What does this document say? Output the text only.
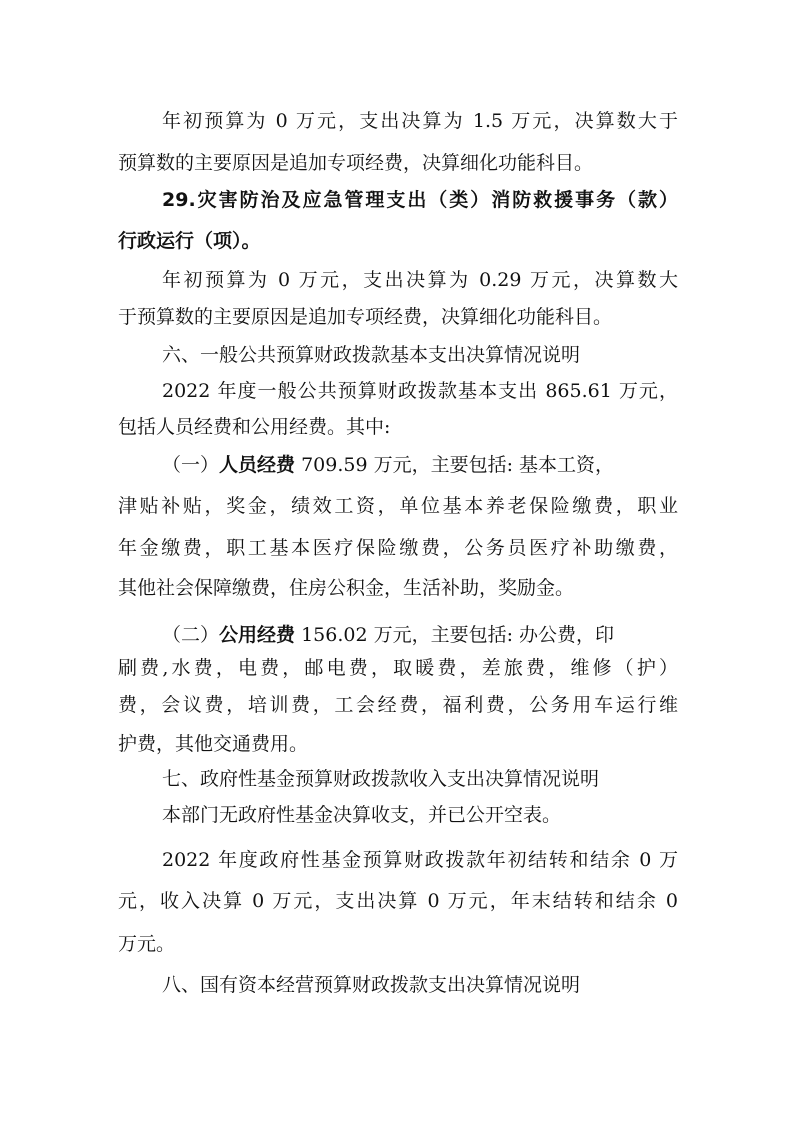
年初预算为 0 万元，支出决算为 1.5 万元，决算数大于
预算数的主要原因是追加专项经费，决算细化功能科目。
29.灾害防治及应急管理支出（类）消防救援事务（款）
行政运行（项）。
年初预算为 0 万元，支出决算为 0.29 万元，决算数大
于预算数的主要原因是追加专项经费，决算细化功能科目。
六、一般公共预算财政拨款基本支出决算情况说明
2022 年度一般公共预算财政拨款基本支出 865.61 万元，
包括人员经费和公用经费。其中:
（一）人员经费 709.59 万元，主要包括: 基本工资，
津贴补贴，奖金，绩效工资，单位基本养老保险缴费，职业
年金缴费，职工基本医疗保险缴费，公务员医疗补助缴费，
其他社会保障缴费，住房公积金，生活补助，奖励金。
（二）公用经费 156.02 万元，主要包括: 办公费，印
刷费,水费，电费，邮电费，取暖费，差旅费，维修（护）
费，会议费，培训费，工会经费，福利费，公务用车运行维
护费，其他交通费用。
七、政府性基金预算财政拨款收入支出决算情况说明
本部门无政府性基金决算收支，并已公开空表。
2022 年度政府性基金预算财政拨款年初结转和结余 0 万
元，收入决算 0 万元，支出决算 0 万元，年末结转和结余 0
万元。
八、国有资本经营预算财政拨款支出决算情况说明
